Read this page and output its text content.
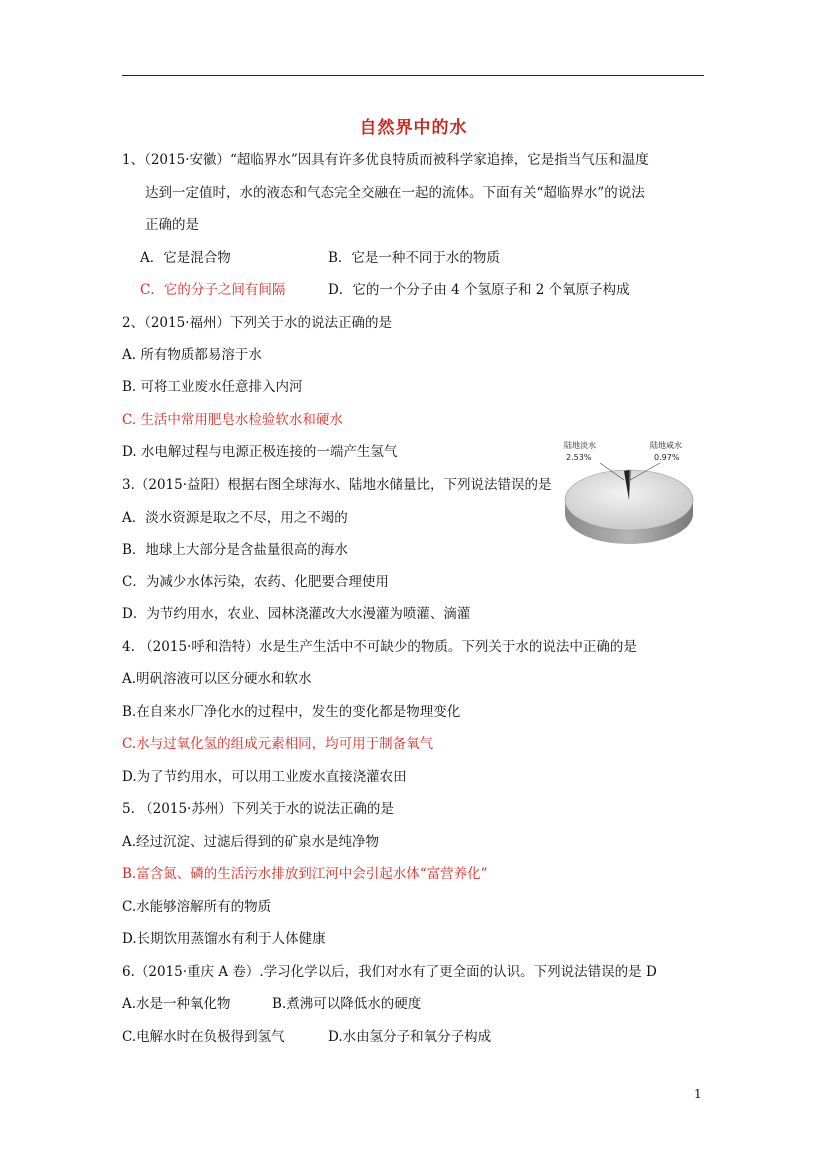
自然界中的水
1、（2015·安徽）“超临界水”因具有许多优良特质而被科学家追捧，它是指当气压和温度
达到一定值时，水的液态和气态完全交融在一起的流体。下面有关“超临界水”的说法
正确的是
A．它是混合物	B．它是一种不同于水的物质
C．它的分子之间有间隔	D．它的一个分子由 4 个氢原子和 2 个氧原子构成
2、（2015·福州）下列关于水的说法正确的是
A. 所有物质都易溶于水
B. 可将工业废水任意排入内河
C. 生活中常用肥皂水检验软水和硬水
D. 水电解过程与电源正极连接的一端产生氢气
3.（2015·益阳）根据右图全球海水、陆地水储量比，下列说法错误的是
A．淡水资源是取之不尽，用之不竭的
B．地球上大部分是含盐量很高的海水
C．为减少水体污染，农药、化肥要合理使用
D．为节约用水，农业、园林浇灌改大水漫灌为喷灌、滴灌
4. （2015·呼和浩特）水是生产生活中不可缺少的物质。下列关于水的说法中正确的是
A.明矾溶液可以区分硬水和软水
B.在自来水厂净化水的过程中，发生的变化都是物理变化
C.水与过氧化氢的组成元素相同，均可用于制备氧气
D.为了节约用水，可以用工业废水直接浇灌农田
5. （2015·苏州）下列关于水的说法正确的是
A.经过沉淀、过滤后得到的矿泉水是纯净物
B.富含氮、磷的生活污水排放到江河中会引起水体“富营养化”
C.水能够溶解所有的物质
D.长期饮用蒸馏水有利于人体健康
6.（2015·重庆 A 卷）.学习化学以后，我们对水有了更全面的认识。下列说法错误的是 D
A.水是一种氧化物	B.煮沸可以降低水的硬度
C.电解水时在负极得到氢气	D.水由氢分子和氧分子构成
陆地淡水
2.53%
陆地咸水
0.97%
1
